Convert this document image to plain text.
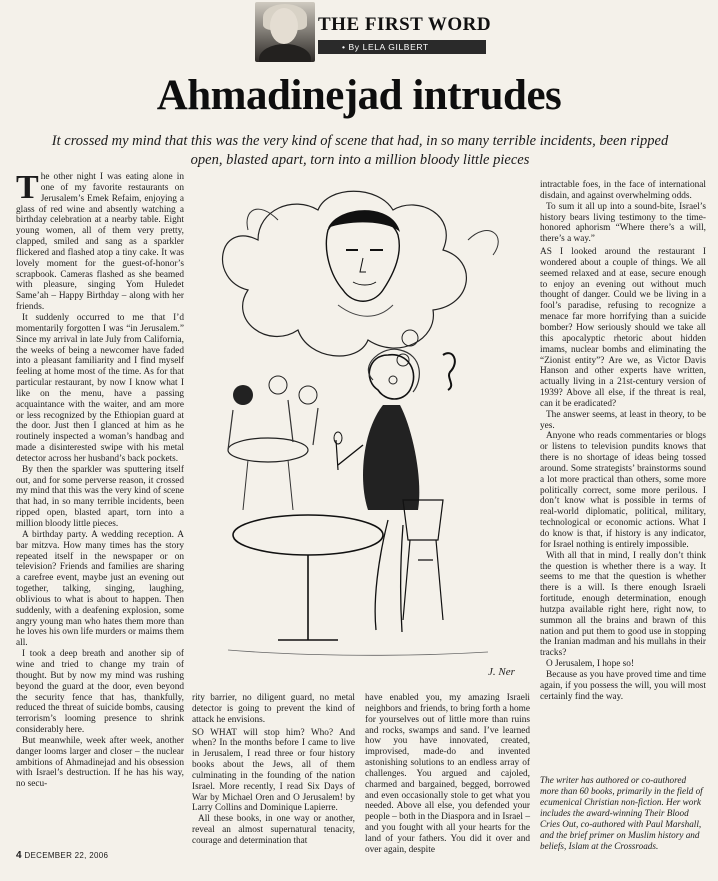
THE FIRST WORD
• By LELA GILBERT
Ahmadinejad intrudes
It crossed my mind that this was the very kind of scene that had, in so many terrible incidents, been ripped open, blasted apart, torn into a million bloody little pieces

The other night I was eating alone in one of my favorite restaurants on Jerusalem’s Emek Refaim, enjoying a glass of red wine and absently watching a birthday celebration at a nearby table. Eight young women, all of them very pretty, clapped, smiled and sang as a sparkler flickered and flashed atop a tiny cake. It was lovely moment for the guest-of-honor’s scrapbook. Cameras flashed as she beamed with pleasure, singing Yom Huledet Same’ah – Happy Birthday – along with her friends.

It suddenly occurred to me that I’d momentarily forgotten I was “in Jerusalem.” Since my arrival in late July from California, the weeks of being a newcomer have faded into a pleasant familiarity and I find myself feeling at home most of the time. As for that particular restaurant, by now I know what I like on the menu, have a passing acquaintance with the waiter, and am more or less recognized by the Ethiopian guard at the door. Just then I glanced at him as he routinely inspected a woman’s handbag and made a disinterested swipe with his metal detector across her husband’s back pockets.

By then the sparkler was sputtering itself out, and for some perverse reason, it crossed my mind that this was the very kind of scene that had, in so many terrible incidents, been ripped open, blasted apart, torn into a million bloody little pieces.

A birthday party. A wedding reception. A bar mitzva. How many times has the story repeated itself in the newspaper or on television? Friends and families are sharing a carefree event, maybe just an evening out together, talking, singing, laughing, oblivious to what is about to happen. Then suddenly, with a deafening explosion, some angry young man who hates them more than he loves his own life murders or maims them all.

I took a deep breath and another sip of wine and tried to change my train of thought. But by now my mind was rushing beyond the guard at the door, even beyond the security fence that has, thankfully, reduced the threat of suicide bombs, causing terrorism’s looming presence to shrink considerably here.

But meanwhile, week after week, another danger looms larger and closer – the nuclear ambitions of Ahmadinejad and his obsession with Israel’s destruction. If he has his way, no secu-

J. Ner

rity barrier, no diligent guard, no metal detector is going to prevent the kind of attack he envisions.

SO WHAT will stop him? Who? And when? In the months before I came to live in Jerusalem, I read three or four history books about the Jews, all of them culminating in the founding of the nation Israel. More recently, I read Six Days of War by Michael Oren and O Jerusalem! by Larry Collins and Dominique Lapierre.

All these books, in one way or another, reveal an almost supernatural tenacity, courage and determination that

have enabled you, my amazing Israeli neighbors and friends, to bring forth a home for yourselves out of little more than ruins and rocks, swamps and sand. I’ve learned how you have innovated, created, improvised, made-do and invented astonishing solutions to an endless array of challenges. You argued and cajoled, charmed and bargained, begged, borrowed and even occasionally stole to get what you needed. Above all else, you defended your people – both in the Diaspora and in Israel – and you fought with all your hearts for the land of your fathers. You did it over and over again, despite

intractable foes, in the face of international disdain, and against overwhelming odds.

To sum it all up into a sound-bite, Israel’s history bears living testimony to the time-honored aphorism “Where there’s a will, there’s a way.”

AS I looked around the restaurant I wondered about a couple of things. We all seemed relaxed and at ease, secure enough to enjoy an evening out without much thought of danger. Could we be living in a fool’s paradise, refusing to recognize a menace far more horrifying than a suicide bomber? How seriously should we take all this apocalyptic rhetoric about hidden imams, nuclear bombs and eliminating the “Zionist entity”? Are we, as Victor Davis Hanson and other experts have written, actually living in a 21st-century version of 1939? Above all else, if the threat is real, can it be eradicated?

The answer seems, at least in theory, to be yes.

Anyone who reads commentaries or blogs or listens to television pundits knows that there is no shortage of ideas being tossed around. Some strategists’ brainstorms sound a lot more practical than others, some more politically correct, some more perilous. I don’t know what is possible in terms of real-world diplomatic, political, military, technological or economic actions. What I do know is that, if history is any indicator, for Israel nothing is entirely impossible.

With all that in mind, I really don’t think the question is whether there is a way. It seems to me that the question is whether there is a will. Is there enough Israeli fortitude, enough determination, enough hutzpa available right here, right now, to summon all the brains and brawn of this nation and put them to good use in stopping the Iranian madman and his mullahs in their tracks?

O Jerusalem, I hope so!

Because as you have proved time and time again, if you possess the will, you will most certainly find the way.

The writer has authored or co-authored more than 60 books, primarily in the field of ecumenical Christian non-fiction. Her work includes the award-winning Their Blood Cries Out, co-authored with Paul Marshall, and the brief primer on Muslim history and beliefs, Islam at the Crossroads.

4 DECEMBER 22, 2006
